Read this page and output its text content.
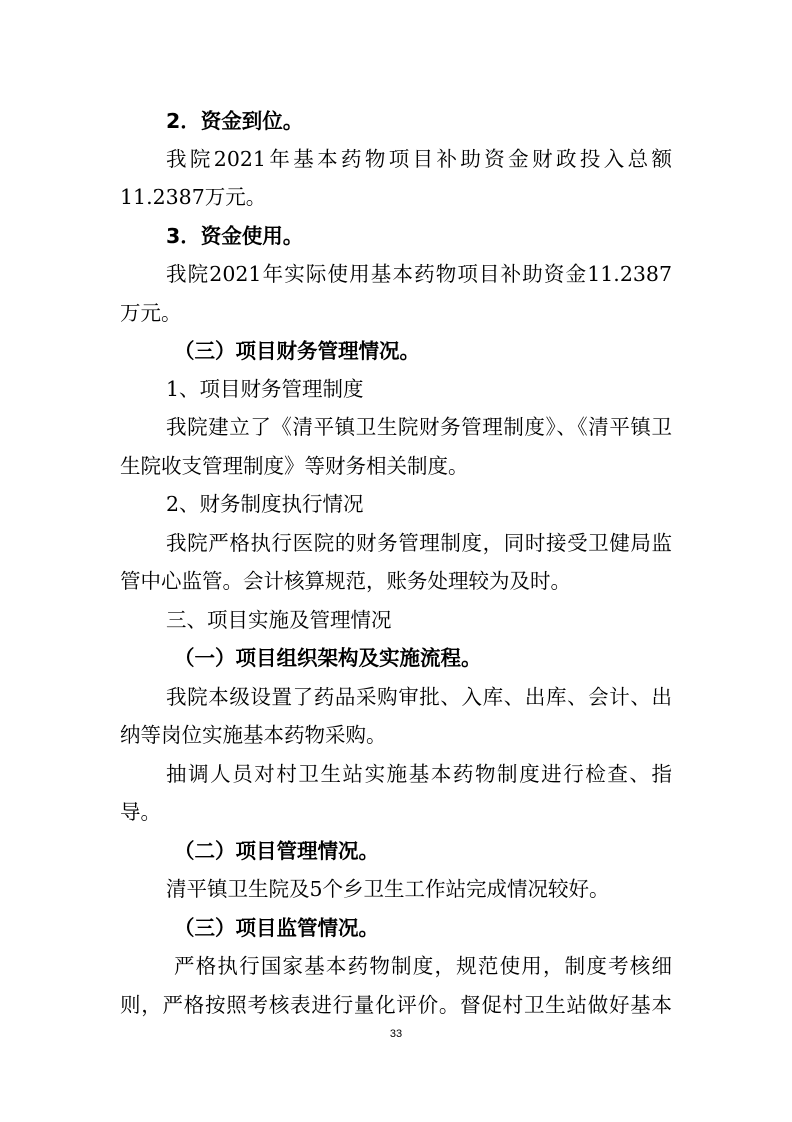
2．资金到位。
我院2021年基本药物项目补助资金财政投入总额
11.2387万元。
3．资金使用。
我院2021年实际使用基本药物项目补助资金11.2387
万元。
（三）项目财务管理情况。
1、项目财务管理制度
我院建立了《清平镇卫生院财务管理制度》、《清平镇卫
生院收支管理制度》等财务相关制度。
2、财务制度执行情况
我院严格执行医院的财务管理制度，同时接受卫健局监
管中心监管。会计核算规范，账务处理较为及时。
三、项目实施及管理情况
（一）项目组织架构及实施流程。
我院本级设置了药品采购审批、入库、出库、会计、出
纳等岗位实施基本药物采购。
抽调人员对村卫生站实施基本药物制度进行检查、指
导。
（二）项目管理情况。
清平镇卫生院及5个乡卫生工作站完成情况较好。
（三）项目监管情况。
严格执行国家基本药物制度，规范使用，制度考核细
则，严格按照考核表进行量化评价。督促村卫生站做好基本
33
